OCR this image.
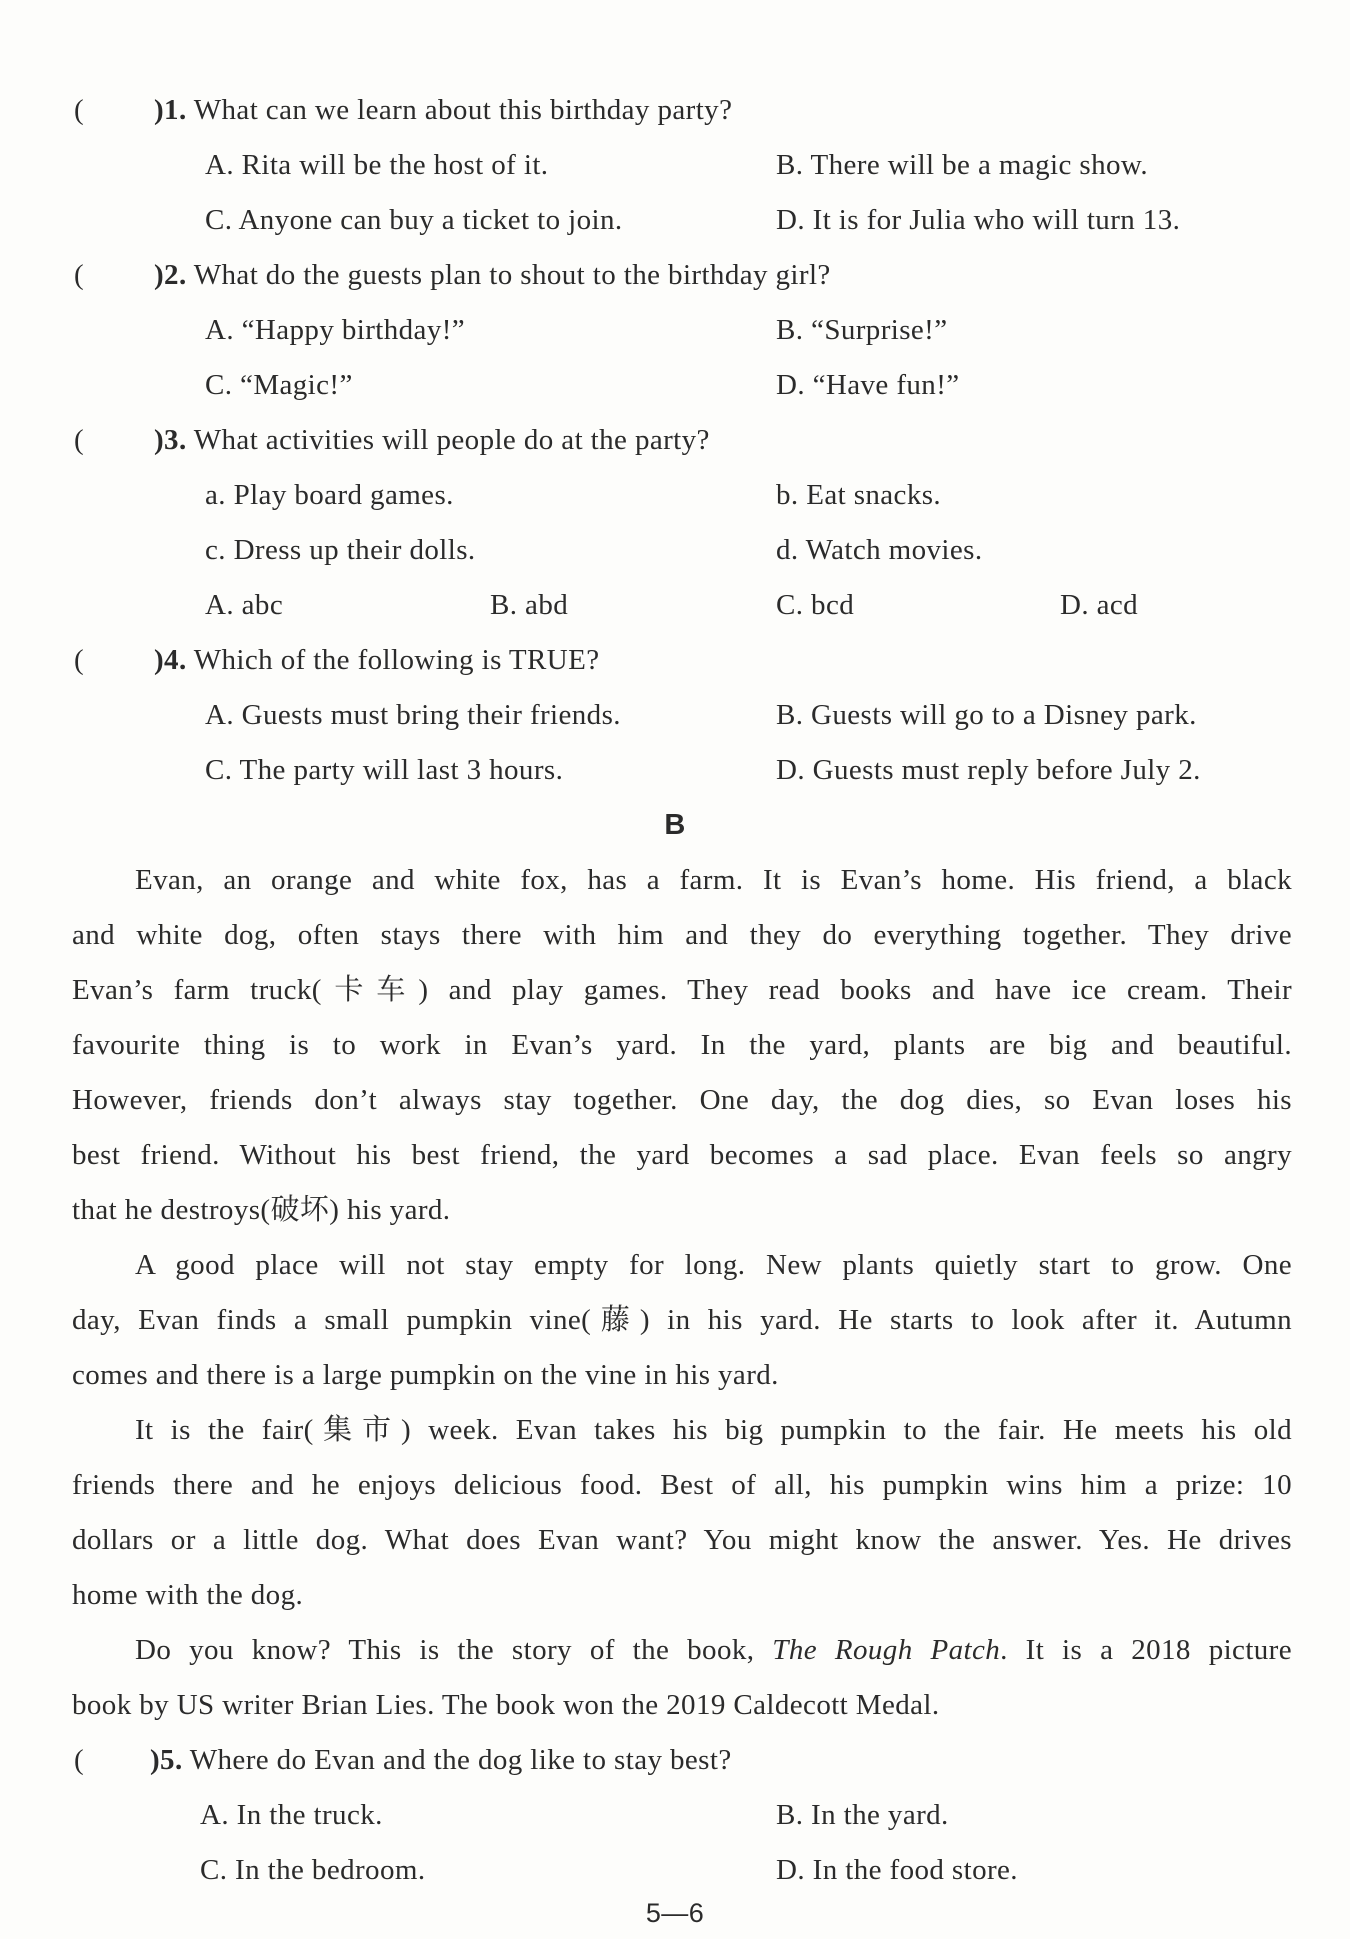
( )1. What can we learn about this birthday party?
A. Rita will be the host of it.	B. There will be a magic show.
C. Anyone can buy a ticket to join.	D. It is for Julia who will turn 13.
( )2. What do the guests plan to shout to the birthday girl?
A. “Happy birthday!”	B. “Surprise!”
C. “Magic!”	D. “Have fun!”
( )3. What activities will people do at the party?
a. Play board games.	b. Eat snacks.
c. Dress up their dolls.	d. Watch movies.
A. abc	B. abd	C. bcd	D. acd
( )4. Which of the following is TRUE?
A. Guests must bring their friends.	B. Guests will go to a Disney park.
C. The party will last 3 hours.	D. Guests must reply before July 2.
B
Evan, an orange and white fox, has a farm. It is Evan’s home. His friend, a black
and white dog, often stays there with him and they do everything together. They drive
Evan’s farm truck(卡车) and play games. They read books and have ice cream. Their
favourite thing is to work in Evan’s yard. In the yard, plants are big and beautiful.
However, friends don’t always stay together. One day, the dog dies, so Evan loses his
best friend. Without his best friend, the yard becomes a sad place. Evan feels so angry
that he destroys(破坏) his yard.
A good place will not stay empty for long. New plants quietly start to grow. One
day, Evan finds a small pumpkin vine(藤) in his yard. He starts to look after it. Autumn
comes and there is a large pumpkin on the vine in his yard.
It is the fair(集市) week. Evan takes his big pumpkin to the fair. He meets his old
friends there and he enjoys delicious food. Best of all, his pumpkin wins him a prize: 10
dollars or a little dog. What does Evan want? You might know the answer. Yes. He drives
home with the dog.
Do you know? This is the story of the book, The Rough Patch. It is a 2018 picture
book by US writer Brian Lies. The book won the 2019 Caldecott Medal.
( )5. Where do Evan and the dog like to stay best?
A. In the truck.	B. In the yard.
C. In the bedroom.	D. In the food store.
5—6
